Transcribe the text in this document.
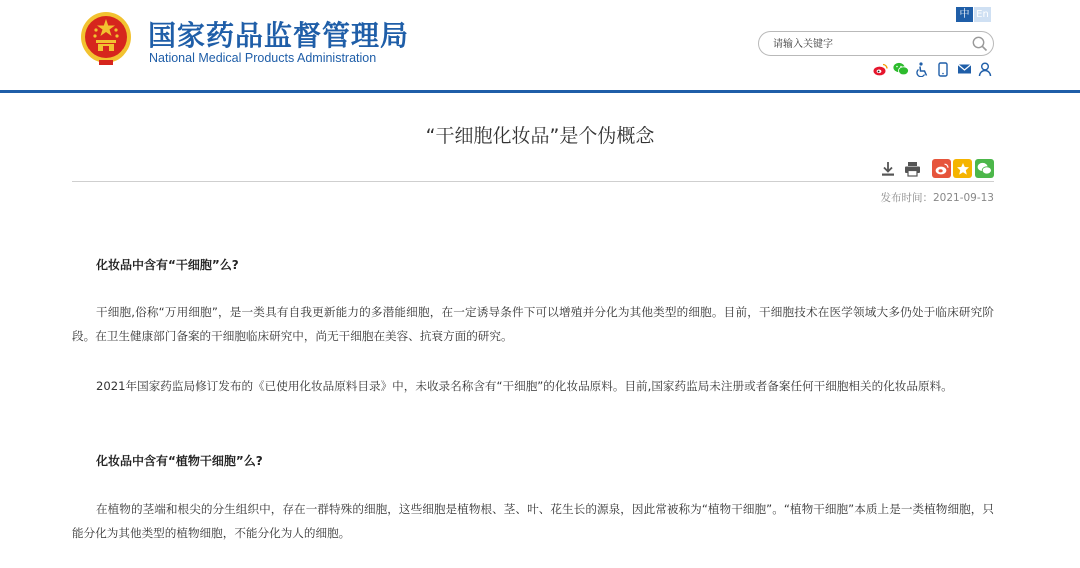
国家药品监督管理局
National Medical Products Administration
中 En
请输入关键字
“干细胞化妆品”是个伪概念
发布时间：2021-09-13
化妆品中含有“干细胞”么?

干细胞,俗称“万用细胞”，是一类具有自我更新能力的多潜能细胞，在一定诱导条件下可以增殖并分化为其他类型的细胞。目前，干细胞技术在医学领域大多仍处于临床研究阶段。在卫生健康部门备案的干细胞临床研究中，尚无干细胞在美容、抗衰方面的研究。

2021年国家药监局修订发布的《已使用化妆品原料目录》中，未收录名称含有“干细胞”的化妆品原料。目前,国家药监局未注册或者备案任何干细胞相关的化妆品原料。

化妆品中含有“植物干细胞”么?

在植物的茎端和根尖的分生组织中，存在一群特殊的细胞，这些细胞是植物根、茎、叶、花生长的源泉，因此常被称为“植物干细胞”。“植物干细胞”本质上是一类植物细胞，只能分化为其他类型的植物细胞，不能分化为人的细胞。
